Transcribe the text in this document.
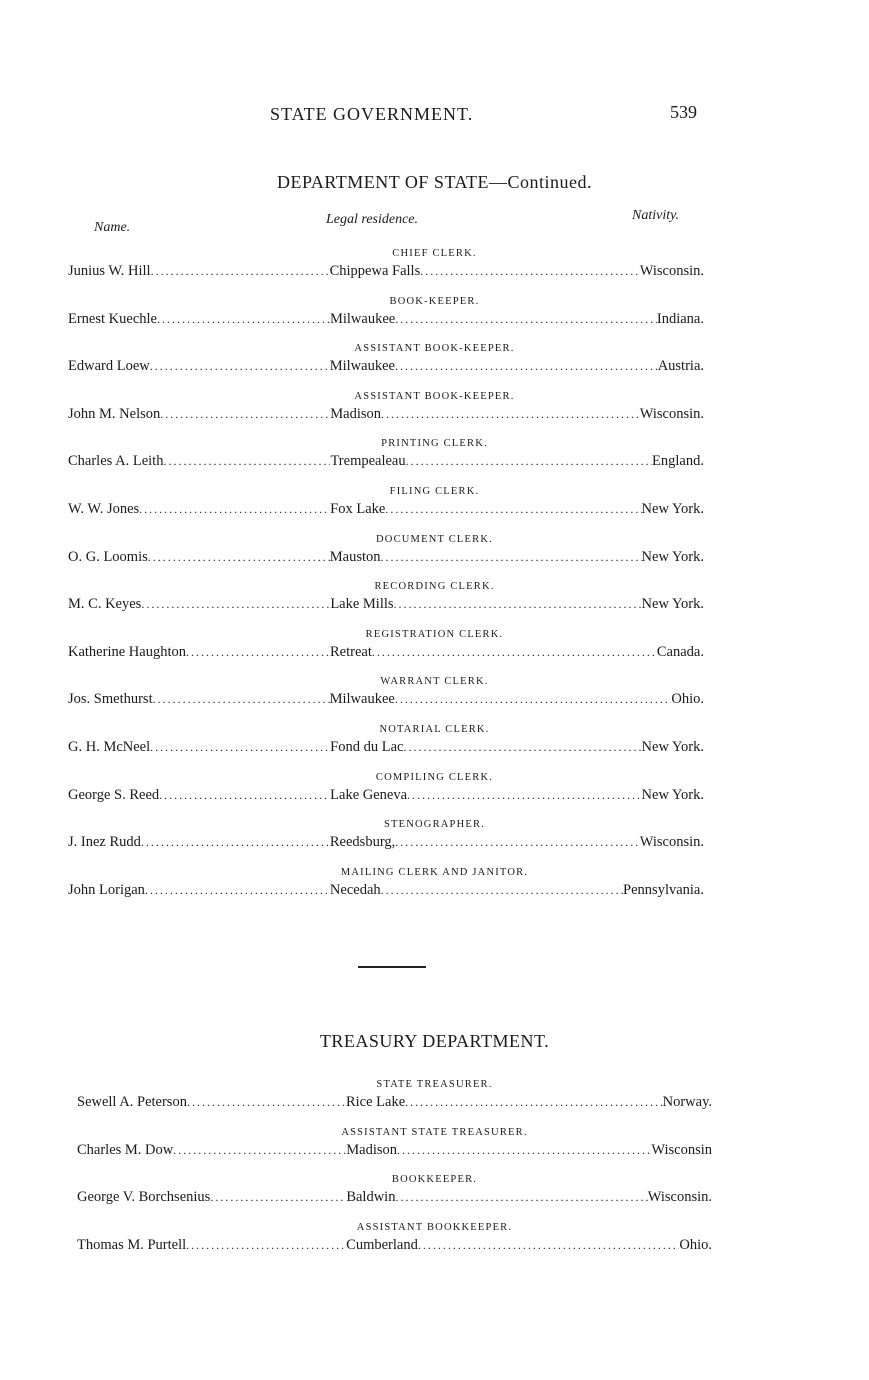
STATE GOVERNMENT.	539
DEPARTMENT OF STATE—Continued.
Name.
Legal residence.	Nativity.
CHIEF CLERK.
Junius W. Hill .....	Chippewa Falls .....	Wisconsin.
BOOK-KEEPER.
Ernest Kuechle .....	Milwaukee .....	Indiana.
ASSISTANT BOOK-KEEPER.
Edward Loew .....	Milwaukee .....	Austria.
ASSISTANT BOOK-KEEPER.
John M. Nelson .....	Madison .....	Wisconsin.
PRINTING CLERK.
Charles A. Leith .....	Trempealeau .....	England.
FILING CLERK.
W. W. Jones .....	Fox Lake .....	New York.
DOCUMENT CLERK.
O. G. Loomis .....	Mauston .....	New York.
RECORDING CLERK.
M. C. Keyes .....	Lake Mills .....	New York.
REGISTRATION CLERK.
Katherine Haughton .....	Retreat .....	Canada.
WARRANT CLERK.
Jos. Smethurst .....	Milwaukee .....	Ohio.
NOTARIAL CLERK.
G. H. McNeel .....	Fond du Lac .....	New York.
COMPILING CLERK.
George S. Reed .....	Lake Geneva .....	New York.
STENOGRAPHER.
J. Inez Rudd .....	Reedsburg, .....	Wisconsin.
MAILING CLERK AND JANITOR.
John Lorigan .....	Necedah .....	Pennsylvania.
TREASURY DEPARTMENT.
STATE TREASURER.
Sewell A. Peterson .....	Rice Lake .....	Norway.
ASSISTANT STATE TREASURER.
Charles M. Dow .....	Madison .....	Wisconsin
BOOKKEEPER.
George V. Borchsenius .....	Baldwin .....	Wisconsin.
ASSISTANT BOOKKEEPER.
Thomas M. Purtell .....	Cumberland .....	Ohio.
